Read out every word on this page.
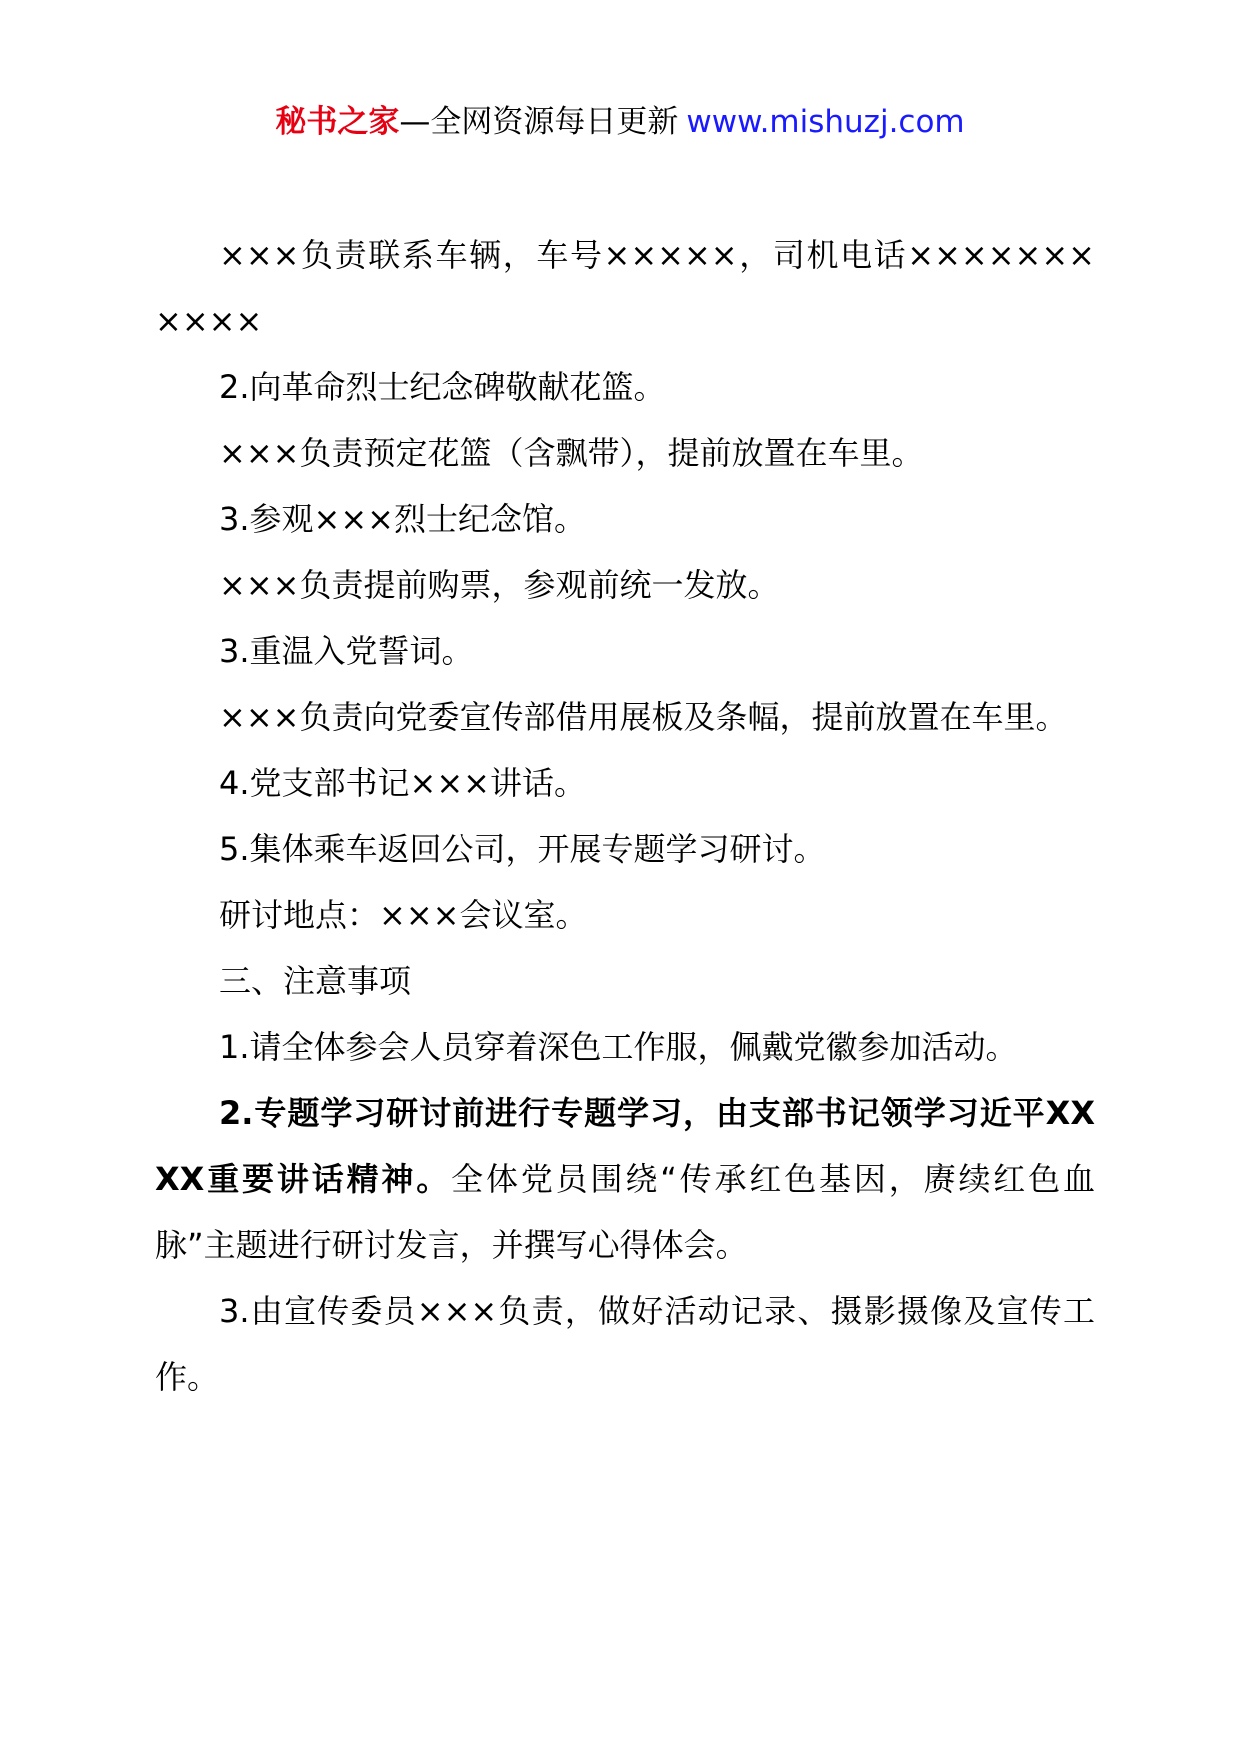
秘书之家—全网资源每日更新 www.mishuzj.com

×××负责联系车辆，车号×××××，司机电话×××××××××××

2.向革命烈士纪念碑敬献花篮。

×××负责预定花篮（含飘带），提前放置在车里。

3.参观×××烈士纪念馆。

×××负责提前购票，参观前统一发放。

3.重温入党誓词。

×××负责向党委宣传部借用展板及条幅，提前放置在车里。

4.党支部书记×××讲话。

5.集体乘车返回公司，开展专题学习研讨。

研讨地点：×××会议室。

三、注意事项

1.请全体参会人员穿着深色工作服，佩戴党徽参加活动。

2.专题学习研讨前进行专题学习，由支部书记领学习近平XXXX重要讲话精神。全体党员围绕“传承红色基因，赓续红色血脉”主题进行研讨发言，并撰写心得体会。

3.由宣传委员×××负责，做好活动记录、摄影摄像及宣传工作。
